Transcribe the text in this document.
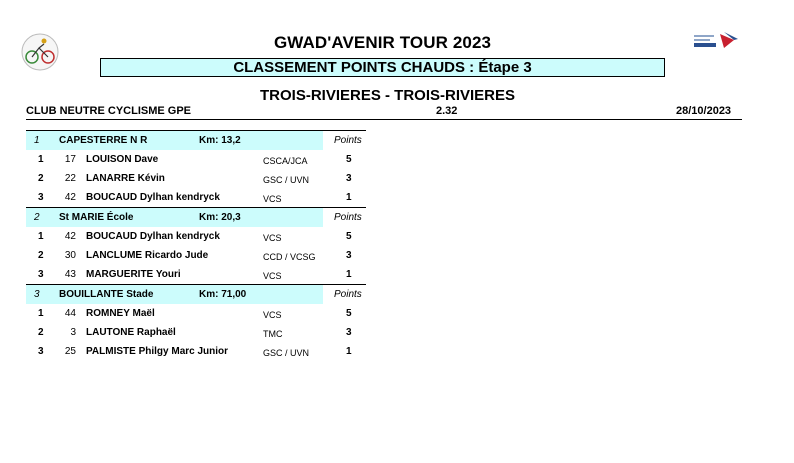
GWAD'AVENIR TOUR 2023
CLASSEMENT POINTS CHAUDS : Étape 3
TROIS-RIVIERES - TROIS-RIVIERES
CLUB NEUTRE CYCLISME GPE	2.32	28/10/2023
1 CAPESTERRE N R	Km: 13,2	Points
1	17 LOUISON Dave	CSCA/JCA	5
2	22 LANARRE Kévin	GSC / UVN	3
3	42 BOUCAUD Dylhan kendryck	VCS	1
2 St MARIE École	Km: 20,3	Points
1	42 BOUCAUD Dylhan kendryck	VCS	5
2	30 LANCLUME Ricardo Jude	CCD / VCSG	3
3	43 MARGUERITE Youri	VCS	1
3 BOUILLANTE Stade	Km: 71,00	Points
1	44 ROMNEY Maël	VCS	5
2	3 LAUTONE Raphaël	TMC	3
3	25 PALMISTE Philgy Marc Junior	GSC / UVN	1
